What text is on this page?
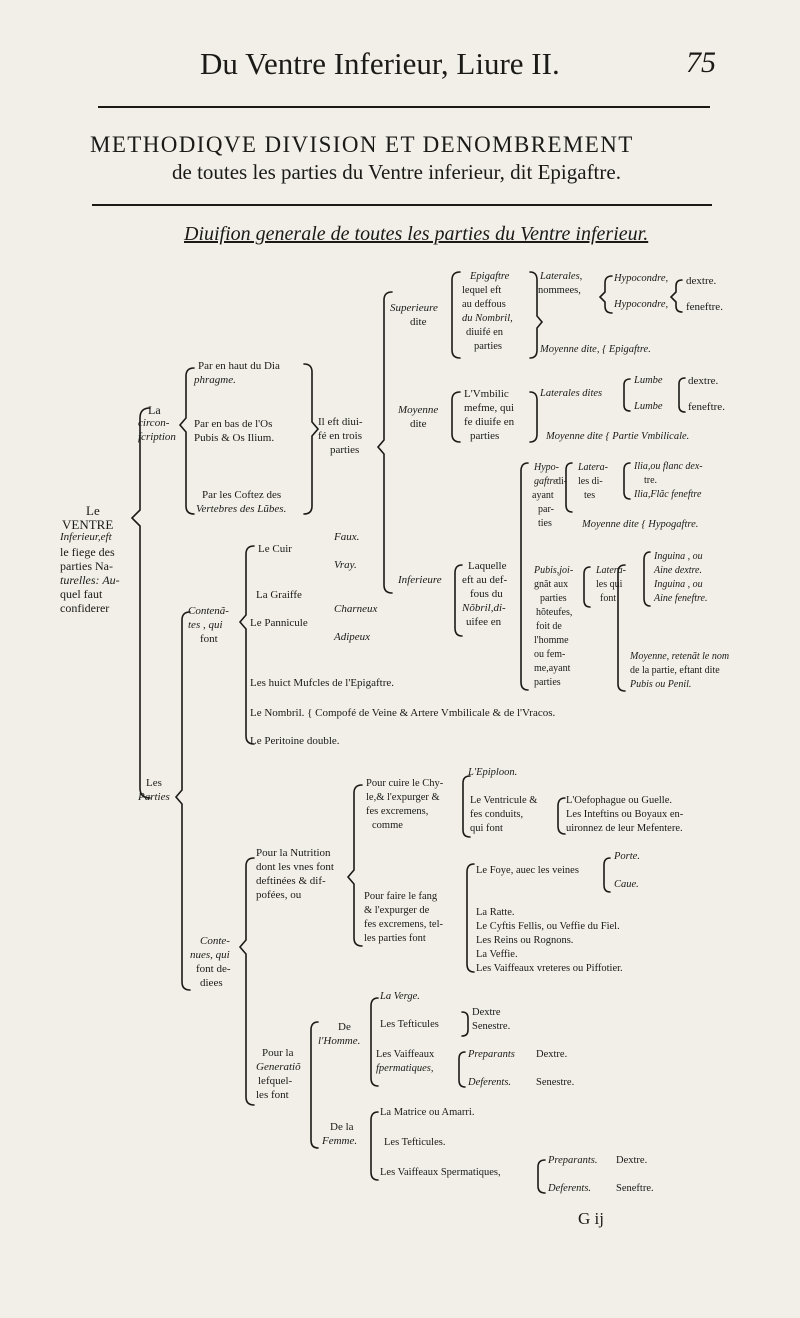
Du Ventre Inferieur, Liure II.	75
METHODIQVE DIVISION ET DENOMBREMENT
de toutes les parties du Ventre inferieur, dit Epigaftre.
Diuifion generale de toutes les parties du Ventre inferieur.
Le
VENTRE
Inferieur,eft
le fiege des
parties Na-
turelles: Au-
quel faut
confiderer
La
circon-
fcription
Par en haut du Dia
phragme.
Par en bas de l'Os
Pubis & Os Ilium.
Par les Coftez des
Vertebres des Lũbes.
Il eft diui-
fé en trois
parties
Superieure
dite
Epigaftre
lequel eft
au deffous
du Nombril,
diuifé en
parties
Laterales,
nommees,
Hypocondre,
Hypocondre,
dextre.
feneftre.
Moyenne dite, { Epigaftre.
Moyenne
dite
L'Vmbilic
mefme, qui
fe diuife en
parties
Laterales dites
Lumbe
Lumbe
dextre.
feneftre.
Moyenne dite { Partie Vmbilicale.
Inferieure
Laquelle
eft au def-
fous du
Nõbril,di-
uifee en
Hypo-
gaftre
di-
ayant
par-
ties
Latera-
les di-
tes
Ilia,ou flanc dex-
tre.
Ilia,Flãc feneftre
Moyenne dite { Hypogaftre.
Pubis,joi-
gnãt aux
parties
hõteufes,
foit de
l'homme
ou fem-
me,ayant
parties
Latera-
les qui
font
Inguina , ou
Aine dextre.
Inguina , ou
Aine feneftre.
Moyenne, retenãt le nom
de la partie, eftant dite
Pubis ou Penil.
Les
Parties
Contenã-
tes , qui
font
Le Cuir
Faux.
Vray.
La Graiffe
Le Pannicule
Charneux
Adipeux
Les huict Mufcles de l'Epigaftre.
Le Nombril. { Compofé de Veine & Artere Vmbilicale & de l'Vracos.
Le Peritoine double.
Conte-
nues, qui
font de-
diees
Pour la Nutrition
dont les vnes font
deftinées & dif-
pofées, ou
Pour cuire le Chy-
le,& l'expurger &
fes excremens,
comme
L'Epiploon.
Le Ventricule &
fes conduits,
qui font
L'Oefophague ou Guelle.
Les Inteftins ou Boyaux en-
uironnez de leur Mefentere.
Pour faire le fang
& l'expurger de
fes excremens, tel-
les parties font
Le Foye, auec les veines
Porte.
Caue.
La Ratte.
Le Cyftis Fellis, ou Veffie du Fiel.
Les Reins ou Rognons.
La Veffie.
Les Vaiffeaux vreteres ou Piffotier.
Pour la
Generatiõ
lefquel-
les font
De
l'Homme.
La Verge.
Les Tefticules
Dextre
Senestre.
Les Vaiffeaux
fpermatiques,
Preparants
Deferents.
Dextre.
Senestre.
De la
Femme.
La Matrice ou Amarri.
Les Tefticules.
Les Vaiffeaux Spermatiques,
Preparants.
Deferents.
Dextre.
Seneftre.
G ij
